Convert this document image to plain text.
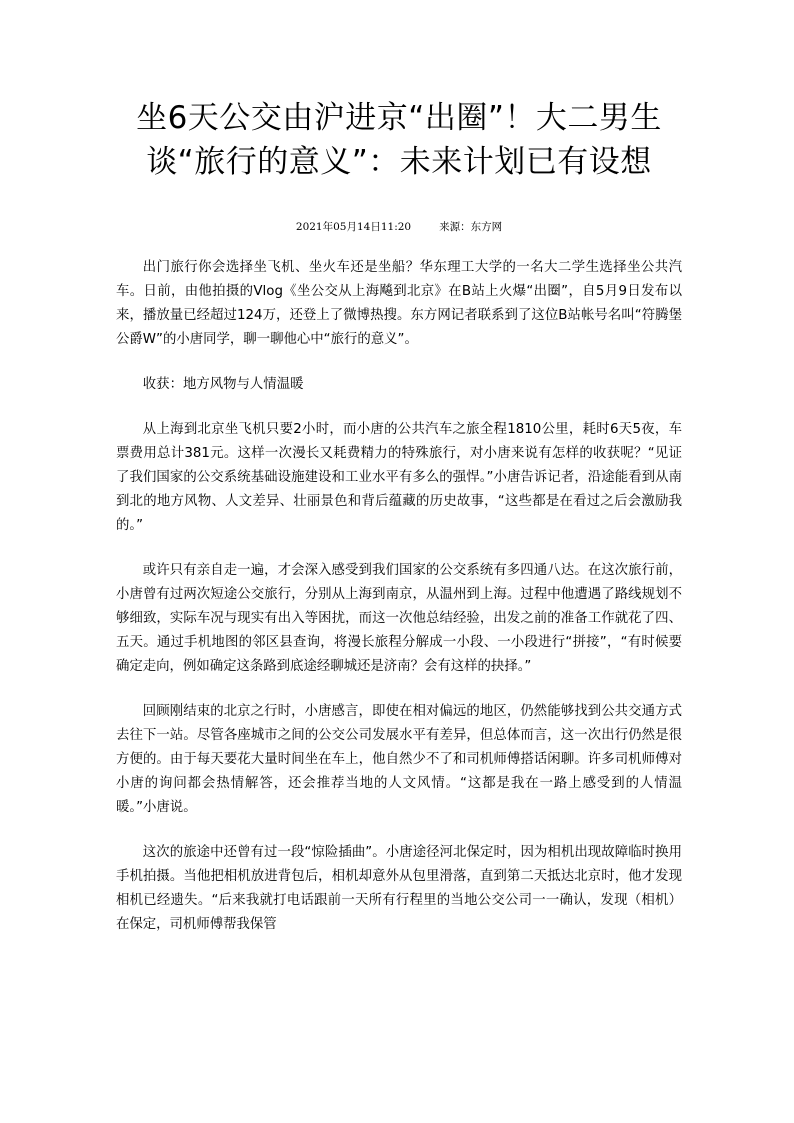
坐6天公交由沪进京“出圈”！大二男生谈“旅行的意义”：未来计划已有设想
2021年05月14日11:20	来源：东方网

出门旅行你会选择坐飞机、坐火车还是坐船？华东理工大学的一名大二学生选择坐公共汽车。日前，由他拍摄的Vlog《坐公交从上海飚到北京》在B站上火爆“出圈”，自5月9日发布以来，播放量已经超过124万，还登上了微博热搜。东方网记者联系到了这位B站帐号名叫“符腾堡公爵W”的小唐同学，聊一聊他心中“旅行的意义”。

收获：地方风物与人情温暖

从上海到北京坐飞机只要2小时，而小唐的公共汽车之旅全程1810公里，耗时6天5夜，车票费用总计381元。这样一次漫长又耗费精力的特殊旅行，对小唐来说有怎样的收获呢？“见证了我们国家的公交系统基础设施建设和工业水平有多么的强悍。”小唐告诉记者，沿途能看到从南到北的地方风物、人文差异、壮丽景色和背后蕴藏的历史故事，“这些都是在看过之后会激励我的。”

或许只有亲自走一遍，才会深入感受到我们国家的公交系统有多四通八达。在这次旅行前，小唐曾有过两次短途公交旅行，分别从上海到南京，从温州到上海。过程中他遭遇了路线规划不够细致，实际车况与现实有出入等困扰，而这一次他总结经验，出发之前的准备工作就花了四、五天。通过手机地图的邻区县查询，将漫长旅程分解成一小段、一小段进行“拼接”，“有时候要确定走向，例如确定这条路到底途经聊城还是济南？会有这样的抉择。”

回顾刚结束的北京之行时，小唐感言，即使在相对偏远的地区，仍然能够找到公共交通方式去往下一站。尽管各座城市之间的公交公司发展水平有差异，但总体而言，这一次出行仍然是很方便的。由于每天要花大量时间坐在车上，他自然少不了和司机师傅搭话闲聊。许多司机师傅对小唐的询问都会热情解答，还会推荐当地的人文风情。“这都是我在一路上感受到的人情温暖。”小唐说。

这次的旅途中还曾有过一段“惊险插曲”。小唐途径河北保定时，因为相机出现故障临时换用手机拍摄。当他把相机放进背包后，相机却意外从包里滑落，直到第二天抵达北京时，他才发现相机已经遗失。“后来我就打电话跟前一天所有行程里的当地公交公司一一确认，发现（相机）在保定，司机师傅帮我保管
